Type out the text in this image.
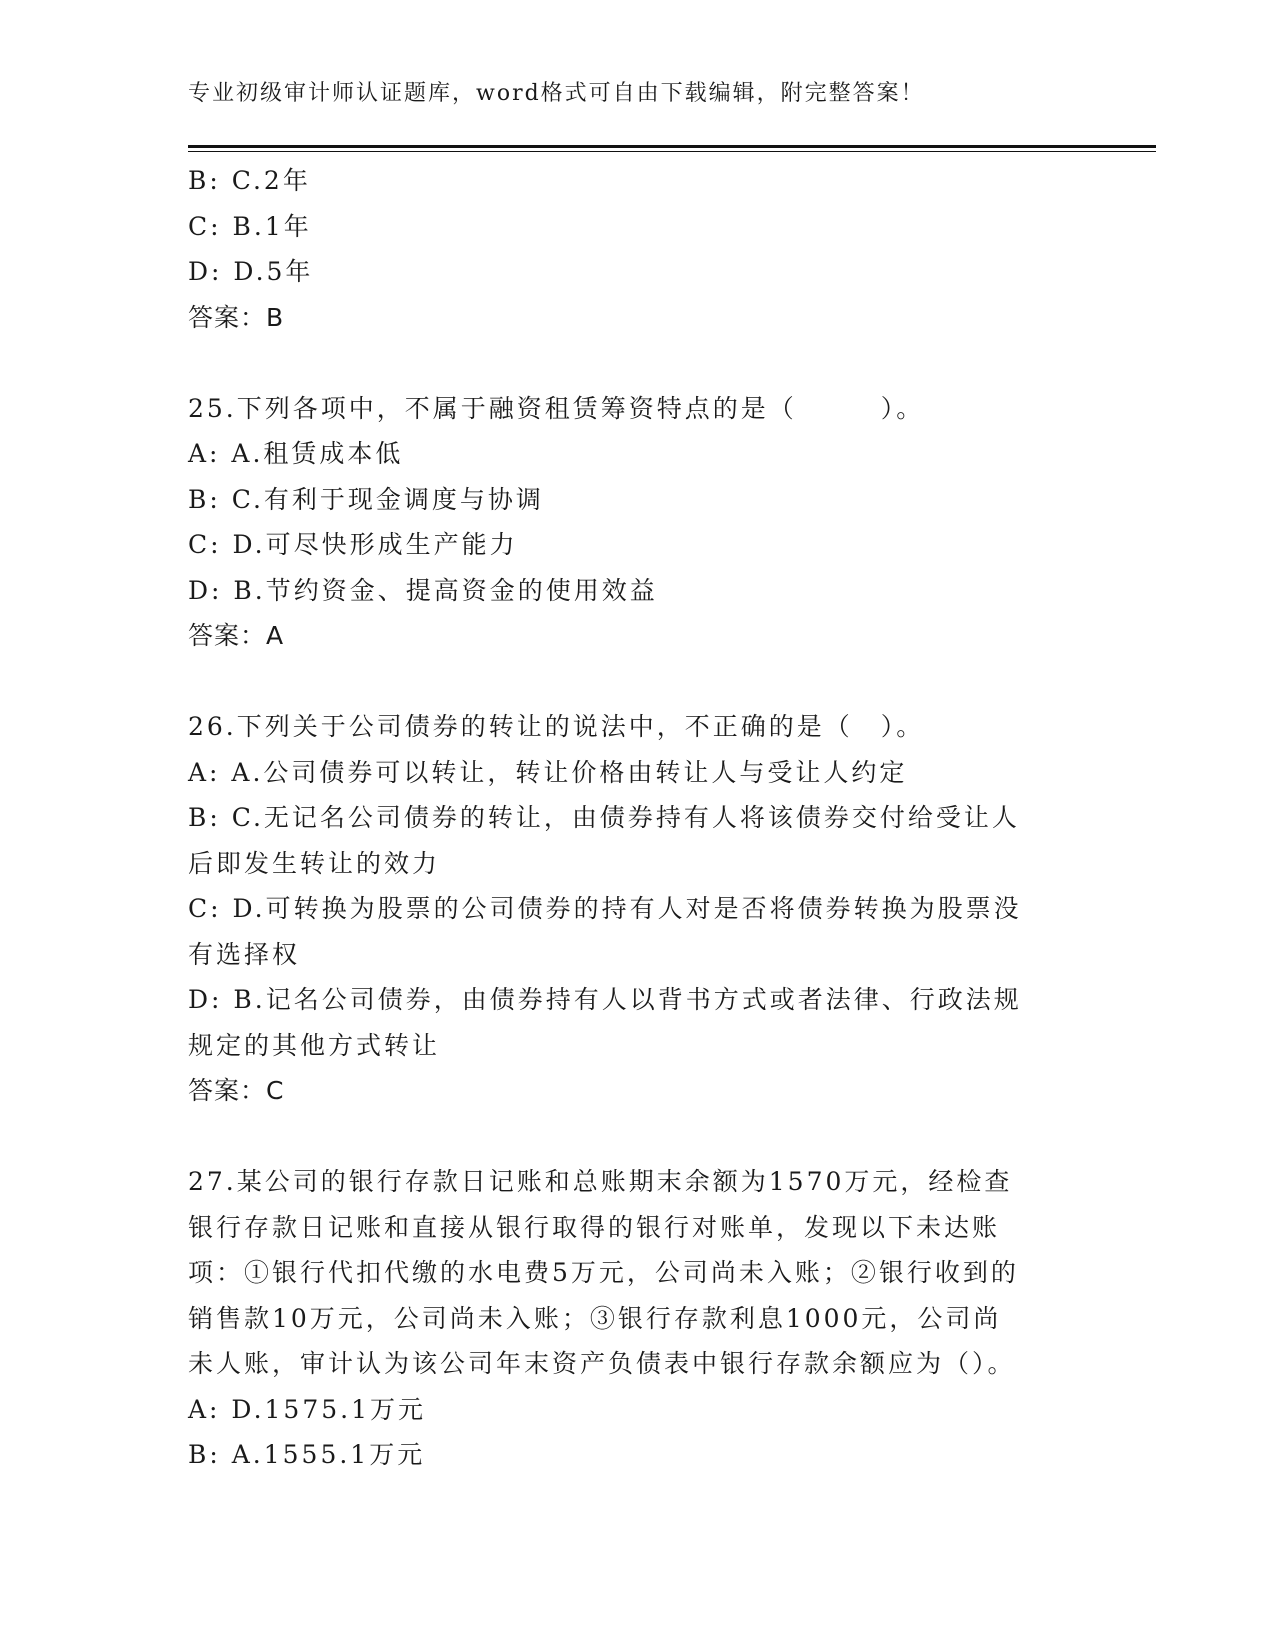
专业初级审计师认证题库，word格式可自由下载编辑，附完整答案！
B: C.2年
C: B.1年
D: D.5年
答案：B
25.下列各项中，不属于融资租赁筹资特点的是（　　　）。
A: A.租赁成本低
B: C.有利于现金调度与协调
C: D.可尽快形成生产能力
D: B.节约资金、提高资金的使用效益
答案：A
26.下列关于公司债券的转让的说法中，不正确的是（　）。
A: A.公司债券可以转让，转让价格由转让人与受让人约定
B: C.无记名公司债券的转让，由债券持有人将该债券交付给受让人后即发生转让的效力
C: D.可转换为股票的公司债券的持有人对是否将债券转换为股票没有选择权
D: B.记名公司债券，由债券持有人以背书方式或者法律、行政法规规定的其他方式转让
答案：C
27.某公司的银行存款日记账和总账期末余额为1570万元，经检查银行存款日记账和直接从银行取得的银行对账单，发现以下未达账项：①银行代扣代缴的水电费5万元，公司尚未入账；②银行收到的销售款10万元，公司尚未入账；③银行存款利息1000元，公司尚未人账，审计认为该公司年末资产负债表中银行存款余额应为（）。
A: D.1575.1万元
B: A.1555.1万元
